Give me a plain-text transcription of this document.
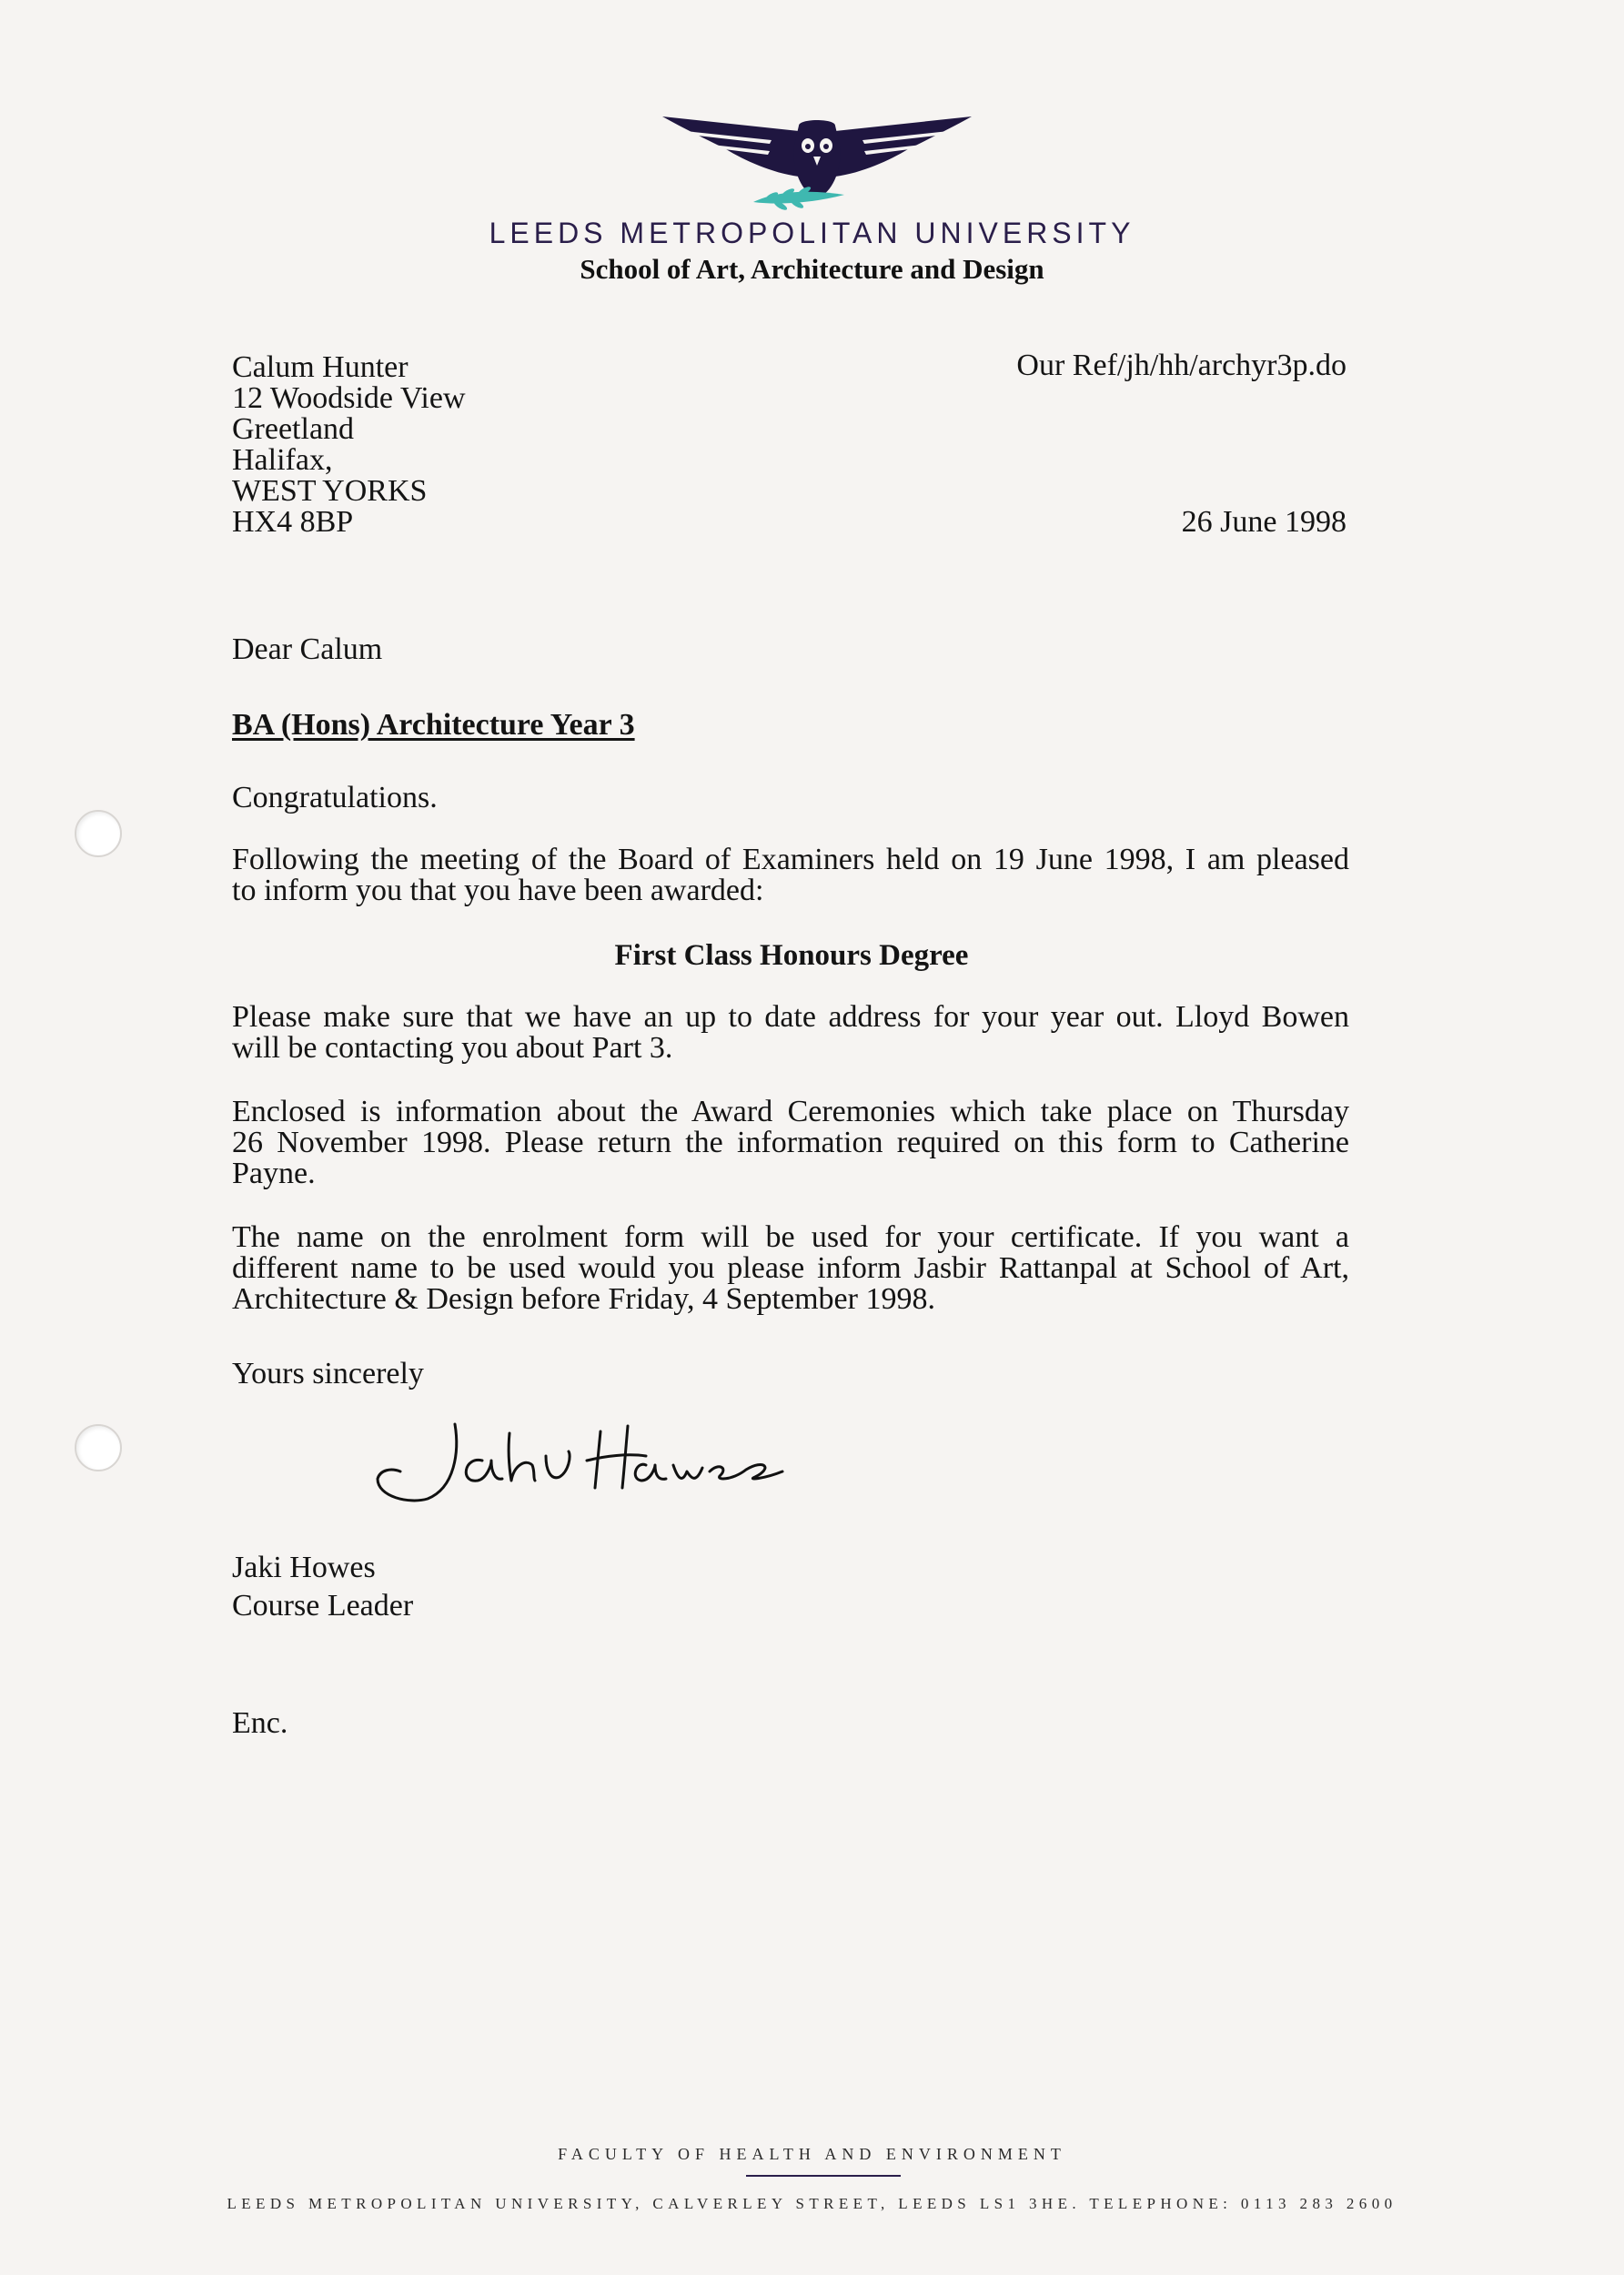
LEEDS METROPOLITAN UNIVERSITY
School of Art, Architecture and Design
Calum Hunter
12 Woodside View
Greetland
Halifax,
WEST YORKS
HX4 8BP
Our Ref/jh/hh/archyr3p.do
26 June 1998
Dear Calum
BA (Hons) Architecture Year 3
Congratulations.
Following the meeting of the Board of Examiners held on 19 June 1998, I am pleased
to inform you that you have been awarded:
First Class Honours Degree
Please make sure that we have an up to date address for your year out. Lloyd Bowen
will be contacting you about Part 3.
Enclosed is information about the Award Ceremonies which take place on Thursday
26 November 1998. Please return the information required on this form to Catherine
Payne.
The name on the enrolment form will be used for your certificate. If you want a
different name to be used would you please inform Jasbir Rattanpal at School of Art,
Architecture & Design before Friday, 4 September 1998.
Yours sincerely
Jaki Howes
Course Leader
Enc.
FACULTY OF HEALTH AND ENVIRONMENT
LEEDS METROPOLITAN UNIVERSITY, CALVERLEY STREET, LEEDS LS1 3HE. TELEPHONE: 0113 283 2600
